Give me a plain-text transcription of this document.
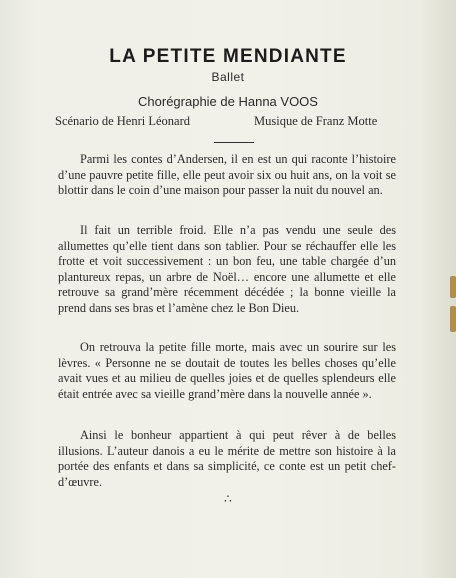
LA PETITE MENDIANTE
Ballet
Chorégraphie de Hanna VOOS
Scénario de Henri Léonard	Musique de Franz Motte

Parmi les contes d’Andersen, il en est un qui raconte l’histoire d’une pauvre petite fille, elle peut avoir six ou huit ans, on la voit se blottir dans le coin d’une maison pour passer la nuit du nouvel an.

Il fait un terrible froid. Elle n’a pas vendu une seule des allumettes qu’elle tient dans son tablier. Pour se réchauffer elle les frotte et voit successivement : un bon feu, une table chargée d’un plantureux repas, un arbre de Noël… encore une allumette et elle retrouve sa grand’mère récemment décédée ; la bonne vieille la prend dans ses bras et l’amène chez le Bon Dieu.

On retrouva la petite fille morte, mais avec un sourire sur les lèvres. « Personne ne se doutait de toutes les belles choses qu’elle avait vues et au milieu de quelles joies et de quelles splendeurs elle était entrée avec sa vieille grand’mère dans la nouvelle année ».

Ainsi le bonheur appartient à qui peut rêver à de belles illusions. L’auteur danois a eu le mérite de mettre son histoire à la portée des enfants et dans sa simplicité, ce conte est un petit chef-d’œuvre.

∴
